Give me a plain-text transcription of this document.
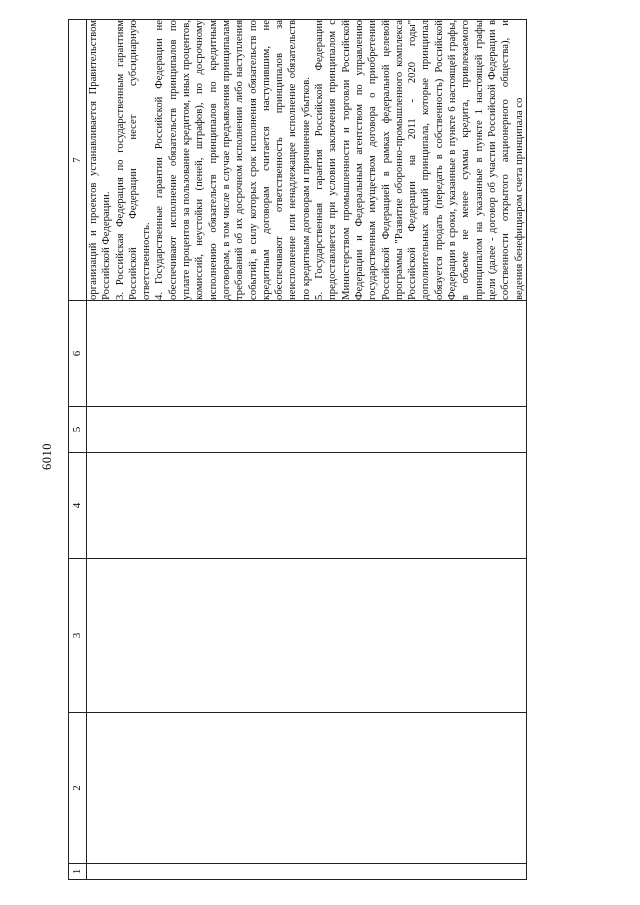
6010
1	2	3	4	5	6	7

						организаций и проектов устанавливается Правительством Российской Федерации. 3. Российская Федерация по государственным гарантиям Российской Федерации несет субсидиарную ответственность. 4. Государственные гарантии Российской Федерации не обеспечивают исполнение обязательств принципалов по уплате процентов за пользование кредитом, иных процентов, комиссий, неустойки (пеней, штрафов), по досрочному исполнению обязательств принципалов по кредитным договорам, в том числе в случае предъявления принципалам требований об их досрочном исполнении либо наступления событий, в силу которых срок исполнения обязательств по кредитным договорам считается наступившим, не обеспечивают ответственность принципалов за неисполнение или ненадлежащее исполнение обязательств по кредитным договорам и причинение убытков. 5. Государственная гарантия Российской Федерации предоставляется при условии заключения принципалом с Министерством промышленности и торговли Российской Федерации и Федеральным агентством по управлению государственным имуществом договора о приобретении Российской Федерацией в рамках федеральной целевой программы "Развитие оборонно-промышленного комплекса Российской Федерации на 2011 - 2020 годы" дополнительных акций принципала, которые принципал обязуется продать (передать в собственность) Российской Федерации в сроки, указанные в пункте 6 настоящей графы, в объеме не менее суммы кредита, привлекаемого принципалом на указанные в пункте 1 настоящей графы цели (далее - договор об участии Российской Федерации в собственности открытого акционерного общества), и ведения бенефициаром счета принципала со
